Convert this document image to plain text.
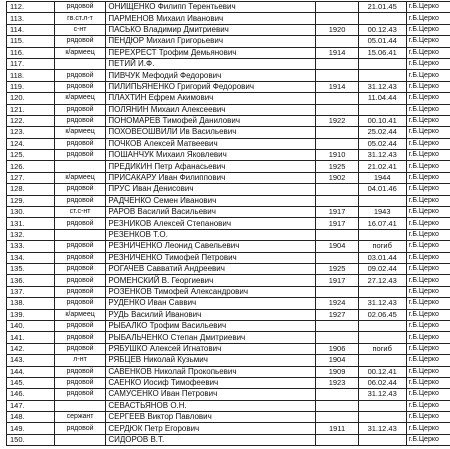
112.	рядовой	ОНИЩЕНКО Филипп Терентьевич		21.01.45	г.Б.Церко
113.	гв.ст.л-т	ПАРМЕНОВ Михаил Иванович			г.Б.Церко
114.	с-нт	ПАСЬКО Владимир Дмитриевич	1920	00.12.43	г.Б.Церко
115.	рядовой	ПЕНДЮР Михаил Григорьевич		05.01.44	г.Б.Церко
116.	к/армеец	ПЕРЕХРЕСТ Трофим Демьянович	1914	15.06.41	г.Б.Церко
117.		ПЕТИЙ И.Ф.			г.Б.Церко
118.	рядовой	ПИВЧУК Мефодий Федорович			г.Б.Церко
119.	рядовой	ПИЛИПЬЯНЕНКО Григорий Федорович	1914	31.12.43	г.Б.Церко
120.	к/армеец	ПЛАХТИН Ефрем Акимович		11.04.44	г.Б.Церко
121.	рядовой	ПОЛЯНИН Михаил Алексеевич			г.Б.Церко
122.	рядовой	ПОНОМАРЕВ Тимофей Данилович	1922	00.10.41	г.Б.Церко
123.	к/армеец	ПОХОВЕОШВИЛИ Ив Васильевич		25.02.44	г.Б.Церко
124.	рядовой	ПОЧКОВ Алексей Матвеевич		05.02.44	г.Б.Церко
125.	рядовой	ПОШАНЧУК Михаил Яковлевич	1910	31.12.43	г.Б.Церко
126.		ПРЕДИКИН Петр Афанасьевич	1925	21.02.41	г.Б.Церко
127.	к/армеец	ПРИСАКАРУ Иван Филиппович	1902	1944	г.Б.Церко
128.	рядовой	ПРУС Иван Денисович		04.01.46	г.Б.Церко
129.	рядовой	РАДЧЕНКО Семен Иванович			г.Б.Церко
130.	ст.с-нт	РАРОВ Василий Васильевич	1917	1943	г.Б.Церко
131.	рядовой	РЕЗНИКОВ Алексей Степанович	1917	16.07.41	г.Б.Церко
132.		РЕЗЕНКОВ Т.О.			г.Б.Церко
133.	рядовой	РЕЗНИЧЕНКО Леонид Савельевич	1904	погиб	г.Б.Церко
134.	рядовой	РЕЗНИЧЕНКО Тимофей Петрович		03.01.44	г.Б.Церко
135.	рядовой	РОГАЧЕВ Савватий Андреевич	1925	09.02.44	г.Б.Церко
136.	рядовой	РОМЕНСКИЙ В. Георгиевич	1917	27.12.43	г.Б.Церко
137.	рядовой	РОЗЕНКОВ Тимофей Александрович			г.Б.Церко
138.	рядовой	РУДЕНКО Иван Саввич	1924	31.12.43	г.Б.Церко
139.	к/армеец	РУДЬ Василий Иванович	1927	02.06.45	г.Б.Церко
140.	рядовой	РЫБАЛКО Трофим Васильевич			г.Б.Церко
141.	рядовой	РЫБАЛЬЧЕНКО Степан Дмитриевич			г.Б.Церко
142.	рядовой	РЯБУШКО Алексей Игнатович	1906	погиб	г.Б.Церко
143.	л-нт	РЯБЦЕВ Николай Кузьмич	1904		г.Б.Церко
144.	рядовой	САВЕНКОВ Николай Прокопьевич	1909	00.12.41	г.Б.Церко
145.	рядовой	САЕНКО Иосиф Тимофеевич	1923	06.02.44	г.Б.Церко
146.	рядовой	САМУСЕНКО Иван Петрович		31.12.43	г.Б.Церко
147.		СЕВАСТЬЯНОВ О.Н.			г.Б.Церко
148.	сержант	СЕРГЕЕВ Виктор Павлович			г.Б.Церко
149.	рядовой	СЕРДЮК Петр Егорович	1911	31.12.43	г.Б.Церко
150.		СИДОРОВ В.Т.			г.Б.Церко
